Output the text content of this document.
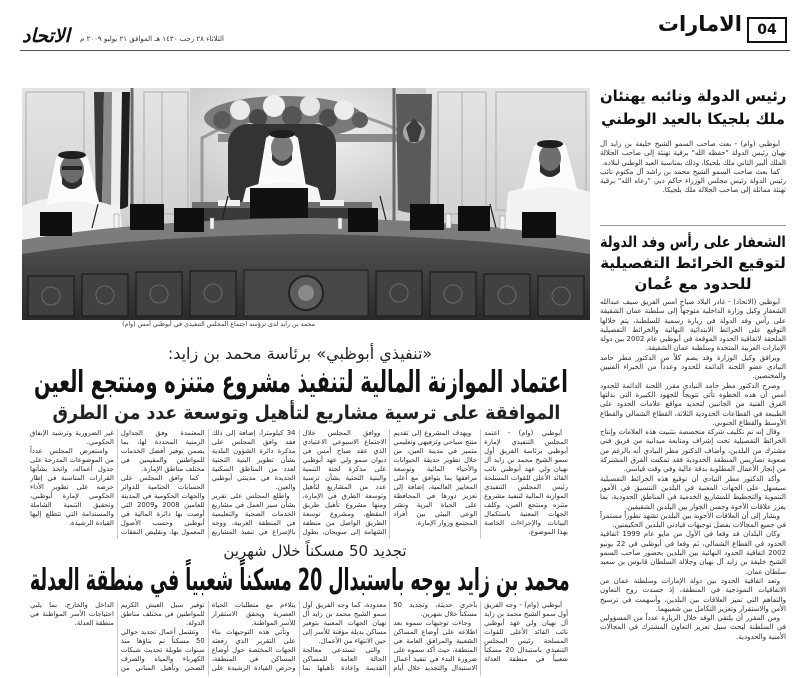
04
الامارات
الاتحاد الثلاثاء ٢٨ رجب ١٤٣٠ هـ الموافق ٢١ يوليو ٢٠٠٩ م
محمد بن زايد لدى ترؤسه اجتماع المجلس التنفيذي في أبوظبي أمس (وام)
«تنفيذي أبوظبي» برئاسة محمد بن زايد:
اعتماد الموازنة المالية لتنفيذ مشروع متنزه ومنتجع العين
الموافقة على ترسية مشاريع لتأهيل وتوسعة عدد من الطرق

أبوظبي (وام) - اعتمد المجلس التنفيذي لإمارة أبوظبي برئاسة الفريق أول سمو الشيخ محمد بن زايد آل نهيان ولي عهد أبوظبي نائب القائد الأعلى للقوات المسلحة رئيس المجلس التنفيذي الموازنة المالية لتنفيذ مشروع متنزه ومنتجع العين، وكلف الجهات المعنية باستكمال البيانات والإجراءات الخاصة بهذا الموضوع.

ويهدف المشروع إلى تقديم منتج سياحي وترفيهي وتعليمي متميز في مدينة العين، من خلال تطوير حديقة الحيوانات والأحياء المائية وتوسعة مرافقها بما يتوافق مع أعلى المعايير العالمية، إضافة إلى تعزيز دورها في المحافظة على الحياة البرية ونشر الوعي البيئي بين أفراد المجتمع وزوار الإمارة.

ووافق المجلس خلال الاجتماع الاسبوعي الاعتيادي الذي عقد صباح أمس في ديوان سمو ولي عهد أبوظبي على مذكرة لجنة التنمية والبنية التحتية بشأن ترسية عدد من المشاريع لتأهيل وتوسعة الطرق في الإمارة، ومنها مشروع تأهيل طريق المقطع، ومشروع توسعة الطريق الواصل من منطقة الشهامة إلى سويحان، بطول 34 كيلومتراً، إضافة إلى ذلك فقد وافق المجلس على مذكرة دائرة الشؤون البلدية بشأن تطوير البنية التحتية لعدد من المناطق السكنية الجديدة في مدينتي أبوظبي والعين.

واطلع المجلس على تقرير بشأن سير العمل في مشاريع الخدمات الصحية والتعليمية في المنطقة الغربية، ووجه بالإسراع في تنفيذ المشاريع المعتمدة وفق الجداول الزمنية المحددة لها، بما يضمن توفير أفضل الخدمات للمواطنين والمقيمين في مختلف مناطق الإمارة.

كما وافق المجلس على الحسابات الختامية للدوائر والجهات الحكومية في المدينة للعامين 2008 و2009 التي أوصت بها دائرة المالية في أبوظبي وحسب الأصول المعمول بها، وتقليص النفقات غير الضرورية وترشيد الإنفاق الحكومي.

واستعرض المجلس عدداً من الموضوعات المدرجة على جدول أعماله، واتخذ بشأنها القرارات المناسبة في إطار حرصه على تطوير الأداء الحكومي لإمارة أبوظبي، وتحقيق التنمية الشاملة والمستدامة التي تتطلع إليها القيادة الرشيدة.

تجديد 50 مسكناً خلال شهرين
محمد بن زايد يوجه باستبدال 20 مسكناً شعبياً في منطقة العدلة

أبوظبي (وام) - وجه الفريق أول سمو الشيخ محمد بن زايد آل نهيان ولي عهد أبوظبي نائب القائد الأعلى للقوات المسلحة رئيس المجلس التنفيذي باستبدال 20 مسكناً شعبياً في منطقة العدلة بأخرى حديثة، وتجديد 50 مسكناً خلال شهرين.

وجاءت توجيهات سموه بعد اطلاعه على أوضاع المساكن الشعبية والمرافق العامة في المنطقة، حيث أكد سموه على ضرورة البدء في تنفيذ أعمال الاستبدال والتجديد خلال أيام معدودة، كما وجه الفريق أول سمو الشيخ محمد بن زايد آل نهيان الجهات المعنية بتوفير مساكن بديلة مؤقتة للأسر إلى حين الانتهاء من الأعمال.

والتي تستدعي معالجة الحالة العامة للمساكن القديمة وإعادة تأهيلها بما يتلاءم مع متطلبات الحياة العصرية ويحقق الاستقرار للأسر المواطنة.

وتأتي هذه التوجيهات بناء على التقرير الذي رفعته الجهات المختصة حول أوضاع المساكن في المنطقة، وحرص القيادة الرشيدة على توفير سبل العيش الكريم للمواطنين في مختلف مناطق الدولة.

وتشمل أعمال تجديد حوالي 50 مسكناً تم بناؤها منذ سنوات طويلة تحديث شبكات الكهرباء والمياه والصرف الصحي وتأهيل المباني من الداخل والخارج، بما يلبي احتياجات الأسر المواطنة في منطقة العدلة.

رئيس الدولة ونائبه يهنئان
ملك بلجيكا بالعيد الوطني

أبوظبي (وام) - بعث صاحب السمو الشيخ خليفة بن زايد آل نهيان رئيس الدولة "حفظه الله" برقية تهنئة إلى صاحب الجلالة الملك ألبير الثاني ملك بلجيكا، وذلك بمناسبة العيد الوطني لبلاده.

كما بعث صاحب السمو الشيخ محمد بن راشد آل مكتوم نائب رئيس الدولة رئيس مجلس الوزراء حاكم دبي "رعاه الله" برقية تهنئة مماثلة إلى صاحب الجلالة ملك بلجيكا.

الشعفار على رأس وفد الدولة
لتوقيع الخرائط التفصيلية
للحدود مع عُمان

أبوظبي (الاتحاد) - غادر البلاد صباح أمس الفريق سيف عبدالله الشعفار وكيل وزارة الداخلية متوجهاً إلى سلطنة عمان الشقيقة على رأس وفد الدولة في زيارة رسمية للسلطنة، يتم خلالها التوقيع على الخرائط الابتدائية النهائية والخرائط التفصيلية الملحقة لاتفاقية الحدود الموقعة في أبوظبي عام 2002 بين دولة الإمارات العربية المتحدة وسلطنة عمان الشقيقة.

ويرافق وكيل الوزارة وفد يضم كلاً من الدكتور مطر حامد النيادي عضو اللجنة الدائمة للحدود وعدداً من الخبراء الفنيين والمختصين.

وصرح الدكتور مطر حامد النيادي مقرر اللجنة الدائمة للحدود أمس أن هذه الخطوة تأتي تتويجاً للجهود الكبيرة التي بذلتها الفرق الفنية من الجانبين لتحديد مواقع علامات الحدود على الطبيعة في القطاعات الحدودية الثلاثة، القطاع الشمالي والقطاع الأوسط والقطاع الجنوبي.

وقال إنه تم تكليف شركة متخصصة بتثبيت هذه العلامات وإنتاج الخرائط التفصيلية تحت إشراف ومتابعة ميدانية من فريق فني مشترك من البلدين، وأضاف الدكتور مطر النيادي أنه بالرغم من صعوبة تضاريس المنطقة الحدودية فقد تمكنت الفرق المشتركة من إنجاز الأعمال المطلوبة بدقة عالية وفي وقت قياسي.

وأكد الدكتور مطر النيادي أن توقيع هذه الخرائط التفصيلية سيسهل على الجهات المعنية في البلدين التنسيق في الأمور التنموية والتخطيط للمشاريع الخدمية في المناطق الحدودية، بما يعزز علاقات الأخوة وحسن الجوار بين البلدين الشقيقين.

ويشار إلى أن العلاقات الأخوية بين البلدين تشهد تطوراً مستمراً في جميع المجالات بفضل توجيهات قيادتي البلدين الحكيمتين.

وكان البلدان قد وقعا في الأول من مايو عام 1999 اتفاقية الحدود في القطاع الشمالي، ثم وقعا في أبوظبي في 22 يونيو 2002 اتفاقية الحدود النهائية بين البلدين بحضور صاحب السمو الشيخ خليفة بن زايد آل نهيان وجلالة السلطان قابوس بن سعيد سلطان عمان.

وتعد اتفاقية الحدود بين دولة الإمارات وسلطنة عمان من الاتفاقيات النموذجية في المنطقة، إذ جسدت روح التعاون والتفاهم التي تميز العلاقات بين البلدين، وأسهمت في ترسيخ الأمن والاستقرار وتعزيز التكامل بين شعبيهما.

ومن المقرر أن يلتقي الوفد خلال الزيارة عدداً من المسؤولين في السلطنة لبحث سبل تعزيز التعاون المشترك في المجالات الأمنية والحدودية.
